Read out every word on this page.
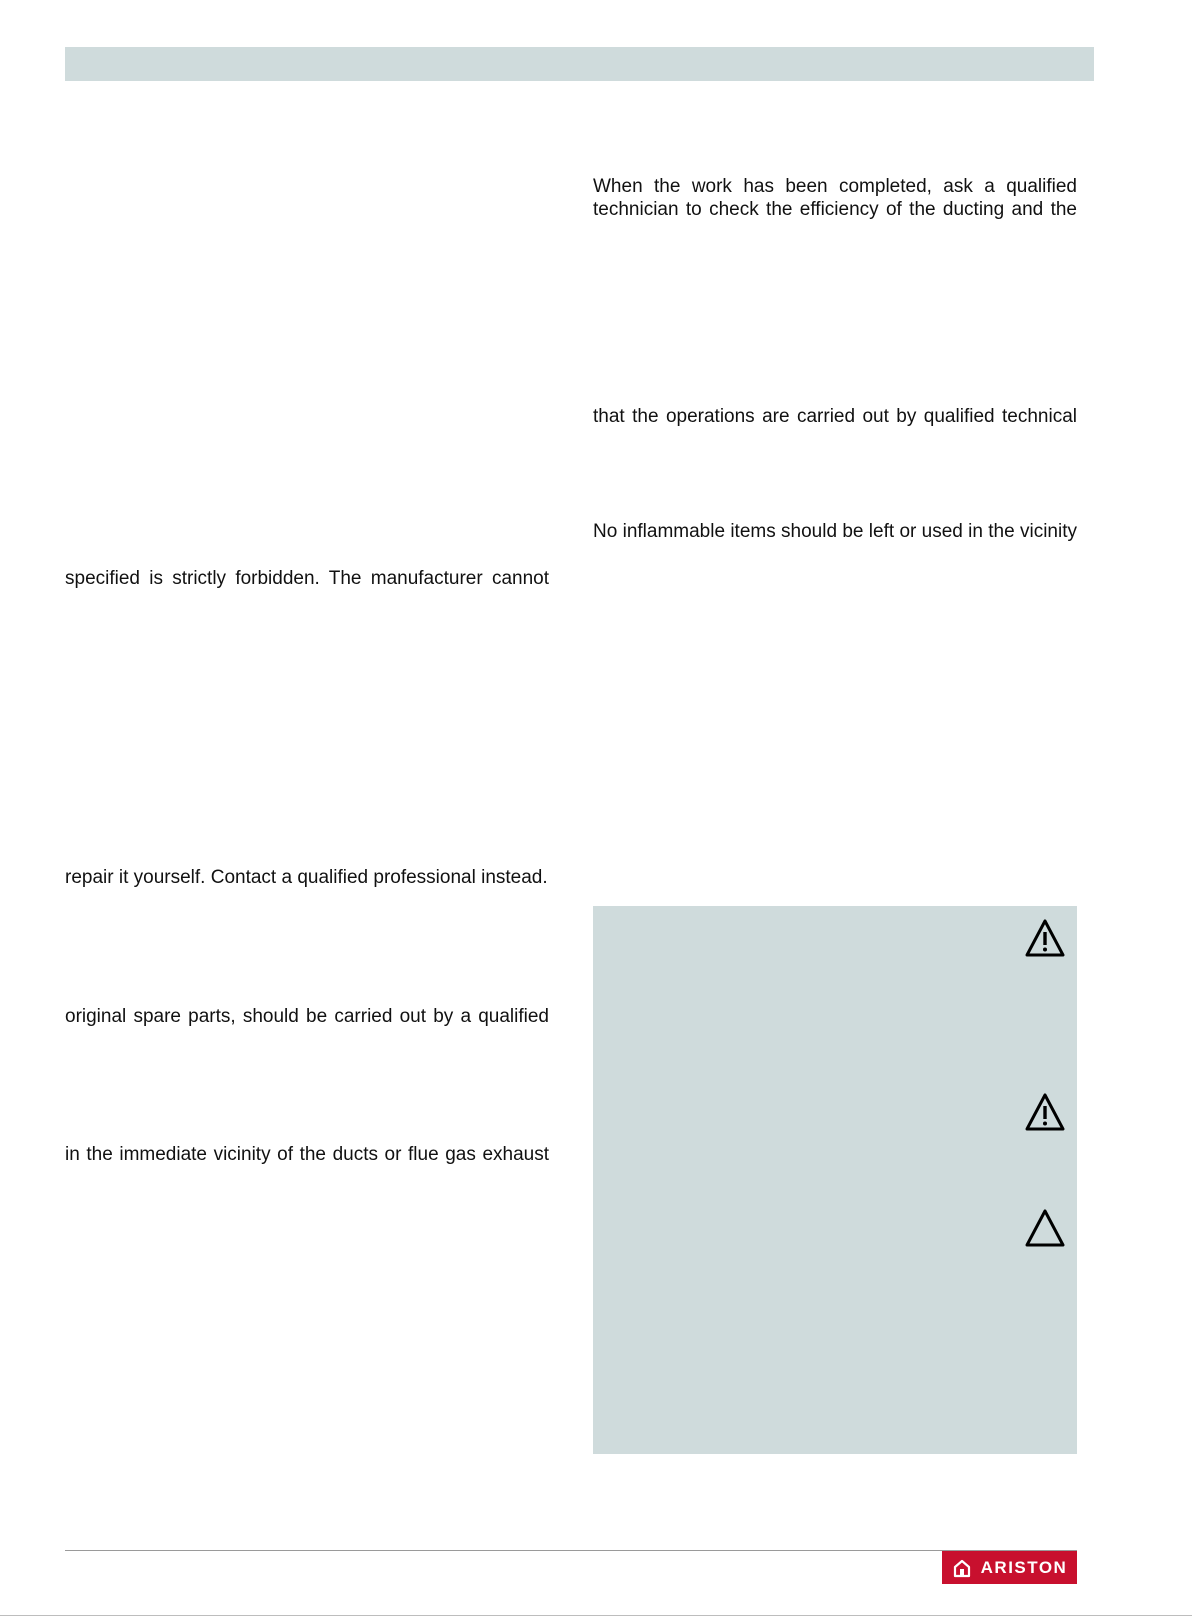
When the work has been completed, ask a qualified
technician to check the efficiency of the ducting and the
that the operations are carried out by qualified technical
No inflammable items should be left or used in the vicinity
specified is strictly forbidden. The manufacturer cannot
repair it yourself. Contact a qualified professional instead.
original spare parts, should be carried out by a qualified
in the immediate vicinity of the ducts or flue gas exhaust
ARISTON
